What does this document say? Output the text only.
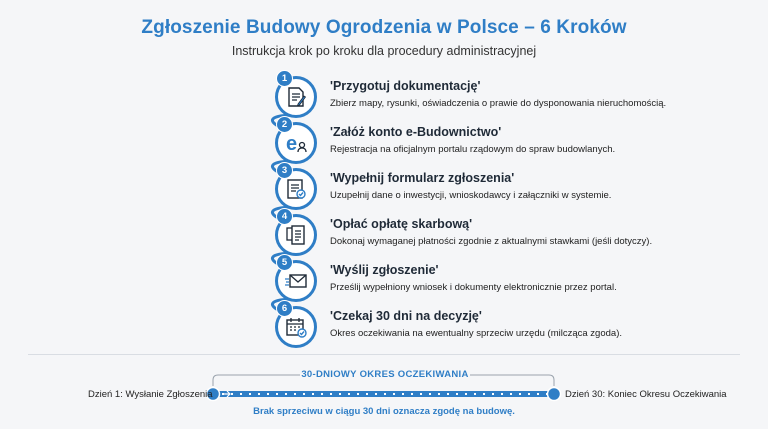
Zgłoszenie Budowy Ogrodzenia w Polsce – 6 Kroków
Instrukcja krok po kroku dla procedury administracyjnej
1
'Przygotuj dokumentację'
Zbierz mapy, rysunki, oświadczenia o prawie do dysponowania nieruchomością.
e
2
'Załóż konto e-Budownictwo'
Rejestracja na oficjalnym portalu rządowym do spraw budowlanych.
3
'Wypełnij formularz zgłoszenia'
Uzupełnij dane o inwestycji, wnioskodawcy i załączniki w systemie.
4
'Opłać opłatę skarbową'
Dokonaj wymaganej płatności zgodnie z aktualnymi stawkami (jeśli dotyczy).
5
'Wyślij zgłoszenie'
Prześlij wypełniony wniosek i dokumenty elektronicznie przez portal.
6
'Czekaj 30 dni na decyzję'
Okres oczekiwania na ewentualny sprzeciw urzędu (milcząca zgoda).
30-DNIOWY OKRES OCZEKIWANIA
Dzień 1: Wysłanie Zgłoszenia	Dzień 30: Koniec Okresu Oczekiwania
Brak sprzeciwu w ciągu 30 dni oznacza zgodę na budowę.
